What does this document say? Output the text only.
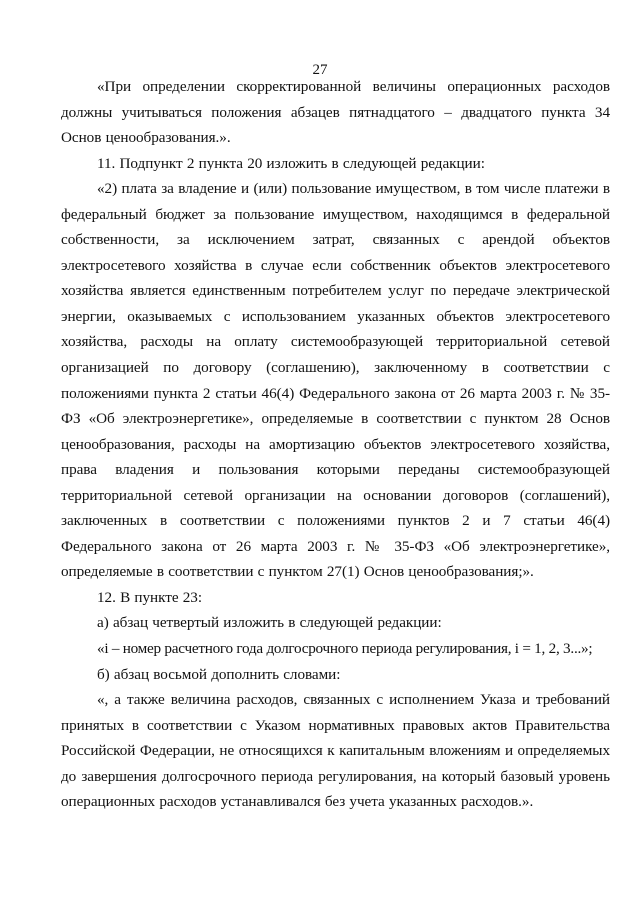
27

«При определении скорректированной величины операционных расходов должны учитываться положения абзацев пятнадцатого – двадцатого пункта 34 Основ ценообразования.».

11. Подпункт 2 пункта 20 изложить в следующей редакции:

«2) плата за владение и (или) пользование имуществом, в том числе платежи в федеральный бюджет за пользование имуществом, находящимся в федеральной собственности, за исключением затрат, связанных с арендой объектов электросетевого хозяйства в случае если собственник объектов электросетевого хозяйства является единственным потребителем услуг по передаче электрической энергии, оказываемых с использованием указанных объектов электросетевого хозяйства, расходы на оплату системообразующей территориальной сетевой организацией по договору (соглашению), заключенному в соответствии с положениями пункта 2 статьи 46(4) Федерального закона от 26 марта 2003 г. № 35-ФЗ «Об электроэнергетике», определяемые в соответствии с пунктом 28 Основ ценообразования, расходы на амортизацию объектов электросетевого хозяйства, права владения и пользования которыми переданы системообразующей территориальной сетевой организации на основании договоров (соглашений), заключенных в соответствии с положениями пунктов 2 и 7 статьи 46(4) Федерального закона от 26 марта 2003 г. № 35-ФЗ «Об электроэнергетике», определяемые в соответствии с пунктом 27(1) Основ ценообразования;».

12. В пункте 23:

а) абзац четвертый изложить в следующей редакции:

«i – номер расчетного года долгосрочного периода регулирования, i = 1, 2, 3...»;

б) абзац восьмой дополнить словами:

«, а также величина расходов, связанных с исполнением Указа и требований принятых в соответствии с Указом нормативных правовых актов Правительства Российской Федерации, не относящихся к капитальным вложениям и определяемых до завершения долгосрочного периода регулирования, на который базовый уровень операционных расходов устанавливался без учета указанных расходов.».
